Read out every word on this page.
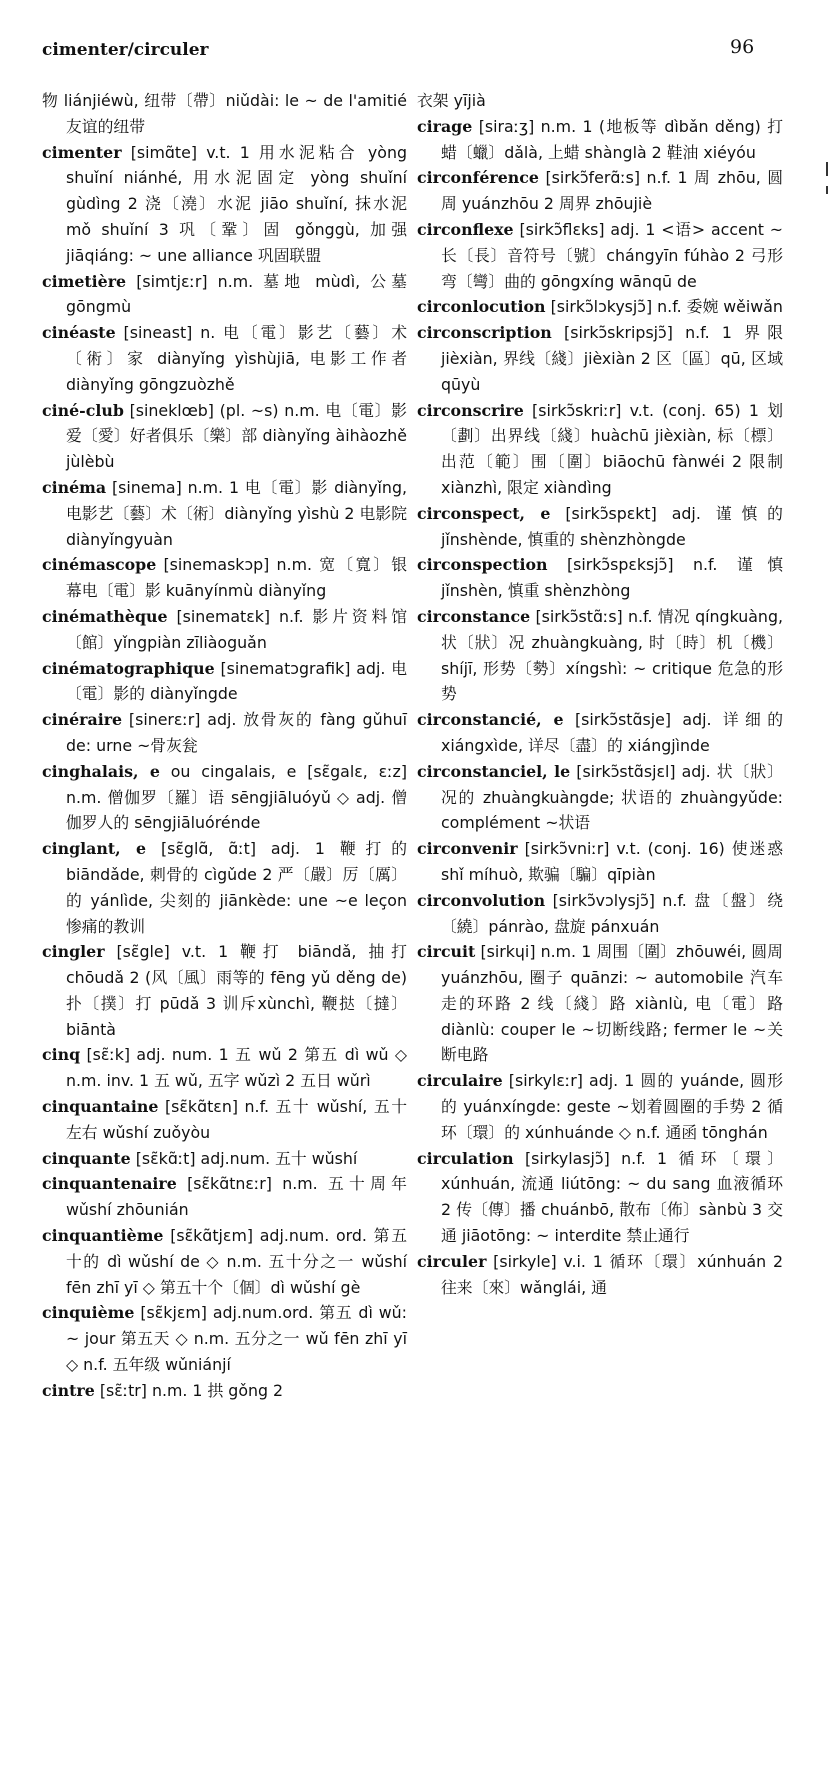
cimenter/circuler	96

物 liánjiéwù, 纽带〔帶〕niǔdài: le ~ de l'amitié 友谊的纽带

cimenter [simɑ̃te] v.t. 1 用水泥粘合 yòng shuǐní niánhé, 用水泥固定 yòng shuǐní gùdìng 2 浇〔澆〕水泥 jiāo shuǐní, 抹水泥 mǒ shuǐní 3 巩〔鞏〕固 gǒnggù, 加强 jiāqiáng: ~ une alliance 巩固联盟

cimetière [simtjɛːr] n.m. 墓地 mùdì, 公墓 gōngmù

cinéaste [sineast] n. 电〔電〕影艺〔藝〕术〔術〕家 diànyǐng yìshùjiā, 电影工作者 diànyǐng gōngzuòzhě

ciné-club [sineklœb] (pl. ~s) n.m. 电〔電〕影爱〔愛〕好者俱乐〔樂〕部 diànyǐng àihàozhě jùlèbù

cinéma [sinema] n.m. 1 电〔電〕影 diànyǐng, 电影艺〔藝〕术〔術〕diànyǐng yìshù 2 电影院 diànyǐngyuàn

cinémascope [sinemaskɔp] n.m. 宽〔寬〕银幕电〔電〕影 kuānyínmù diànyǐng

cinémathèque [sinematɛk] n.f. 影片资料馆〔館〕yǐngpiàn zīliàoguǎn

cinématographique [sinematɔgrafik] adj. 电〔電〕影的 diànyǐngde

cinéraire [sinerɛːr] adj. 放骨灰的 fàng gǔhuī de: urne ~骨灰瓮

cinghalais, e ou cingalais, e [sɛ̃galɛ, ɛːz] n.m. 僧伽罗〔羅〕语 sēngjiāluóyǔ ◇ adj. 僧伽罗人的 sēngjiāluórénde

cinglant, e [sɛ̃glɑ̃, ɑ̃ːt] adj. 1 鞭打的 biāndǎde, 刺骨的 cìgǔde 2 严〔嚴〕厉〔厲〕的 yánlìde, 尖刻的 jiānkède: une ~e leçon 惨痛的教训

cingler [sɛ̃gle] v.t. 1 鞭打 biāndǎ, 抽打 chōudǎ 2 (风〔風〕雨等的 fēng yǔ děng de)扑〔撲〕打 pūdǎ 3 训斥xùnchì, 鞭挞〔撻〕biāntà

cinq [sɛ̃ːk] adj. num. 1 五 wǔ 2 第五 dì wǔ ◇ n.m. inv. 1 五 wǔ, 五字 wǔzì 2 五日 wǔrì

cinquantaine [sɛ̃kɑ̃tɛn] n.f. 五十 wǔshí, 五十左右 wǔshí zuǒyòu

cinquante [sɛ̃kɑ̃ːt] adj.num. 五十 wǔshí

cinquantenaire [sɛ̃kɑ̃tnɛːr] n.m. 五十周年 wǔshí zhōunián

cinquantième [sɛ̃kɑ̃tjɛm] adj.num. ord. 第五十的 dì wǔshí de ◇ n.m. 五十分之一 wǔshí fēn zhī yī ◇ 第五十个〔個〕dì wǔshí gè

cinquième [sɛ̃kjɛm] adj.num.ord. 第五 dì wǔ: ~ jour 第五天 ◇ n.m. 五分之一 wǔ fēn zhī yī ◇ n.f. 五年级 wǔniánjí

cintre [sɛ̃ːtr] n.m. 1 拱 gǒng 2

衣架 yījià

cirage [siraːʒ] n.m. 1 (地板等 dìbǎn děng) 打蜡〔蠟〕dǎlà, 上蜡 shànglà 2 鞋油 xiéyóu

circonférence [sirkɔ̃ferɑ̃ːs] n.f. 1 周 zhōu, 圆周 yuánzhōu 2 周界 zhōujiè

circonflexe [sirkɔ̃flɛks] adj. 1 <语> accent ~长〔長〕音符号〔號〕chángyīn fúhào 2 弓形弯〔彎〕曲的 gōngxíng wānqū de

circonlocution [sirkɔ̃lɔkysjɔ̃] n.f. 委婉 wěiwǎn

circonscription [sirkɔ̃skripsjɔ̃] n.f. 1 界限 jièxiàn, 界线〔綫〕jièxiàn 2 区〔區〕qū, 区域 qūyù

circonscrire [sirkɔ̃skriːr] v.t. (conj. 65) 1 划〔劃〕出界线〔綫〕huàchū jièxiàn, 标〔標〕出范〔範〕围〔圍〕biāochū fànwéi 2 限制 xiànzhì, 限定 xiàndìng

circonspect, e [sirkɔ̃spɛkt] adj. 谨慎的 jǐnshènde, 慎重的 shènzhòngde

circonspection [sirkɔ̃spɛksjɔ̃] n.f. 谨慎 jǐnshèn, 慎重 shènzhòng

circonstance [sirkɔ̃stɑ̃ːs] n.f. 情况 qíngkuàng, 状〔狀〕况 zhuàngkuàng, 时〔時〕机〔機〕shíjī, 形势〔勢〕xíngshì: ~ critique 危急的形势

circonstancié, e [sirkɔ̃stɑ̃sje] adj. 详细的 xiángxìde, 详尽〔盡〕的 xiángjìnde

circonstanciel, le [sirkɔ̃stɑ̃sjɛl] adj. 状〔狀〕况的 zhuàngkuàngde; 状语的 zhuàngyǔde: complément ~状语

circonvenir [sirkɔ̃vniːr] v.t. (conj. 16) 使迷惑 shǐ míhuò, 欺骗〔騙〕qīpiàn

circonvolution [sirkɔ̃vɔlysjɔ̃] n.f. 盘〔盤〕绕〔繞〕pánrào, 盘旋 pánxuán

circuit [sirkɥi] n.m. 1 周围〔圍〕zhōuwéi, 圆周 yuánzhōu, 圈子 quānzi: ~ automobile 汽车走的环路 2 线〔綫〕路 xiànlù, 电〔電〕路 diànlù: couper le ~切断线路; fermer le ~关断电路

circulaire [sirkylɛːr] adj. 1 圆的 yuánde, 圆形的 yuánxíngde: geste ~划着圆圈的手势 2 循环〔環〕的 xúnhuánde ◇ n.f. 通函 tōnghán

circulation [sirkylasjɔ̃] n.f. 1 循环〔環〕xúnhuán, 流通 liútōng: ~ du sang 血液循环 2 传〔傳〕播 chuánbō, 散布〔佈〕sànbù 3 交通 jiāotōng: ~ interdite 禁止通行

circuler [sirkyle] v.i. 1 循环〔環〕xúnhuán 2 往来〔來〕wǎnglái, 通
